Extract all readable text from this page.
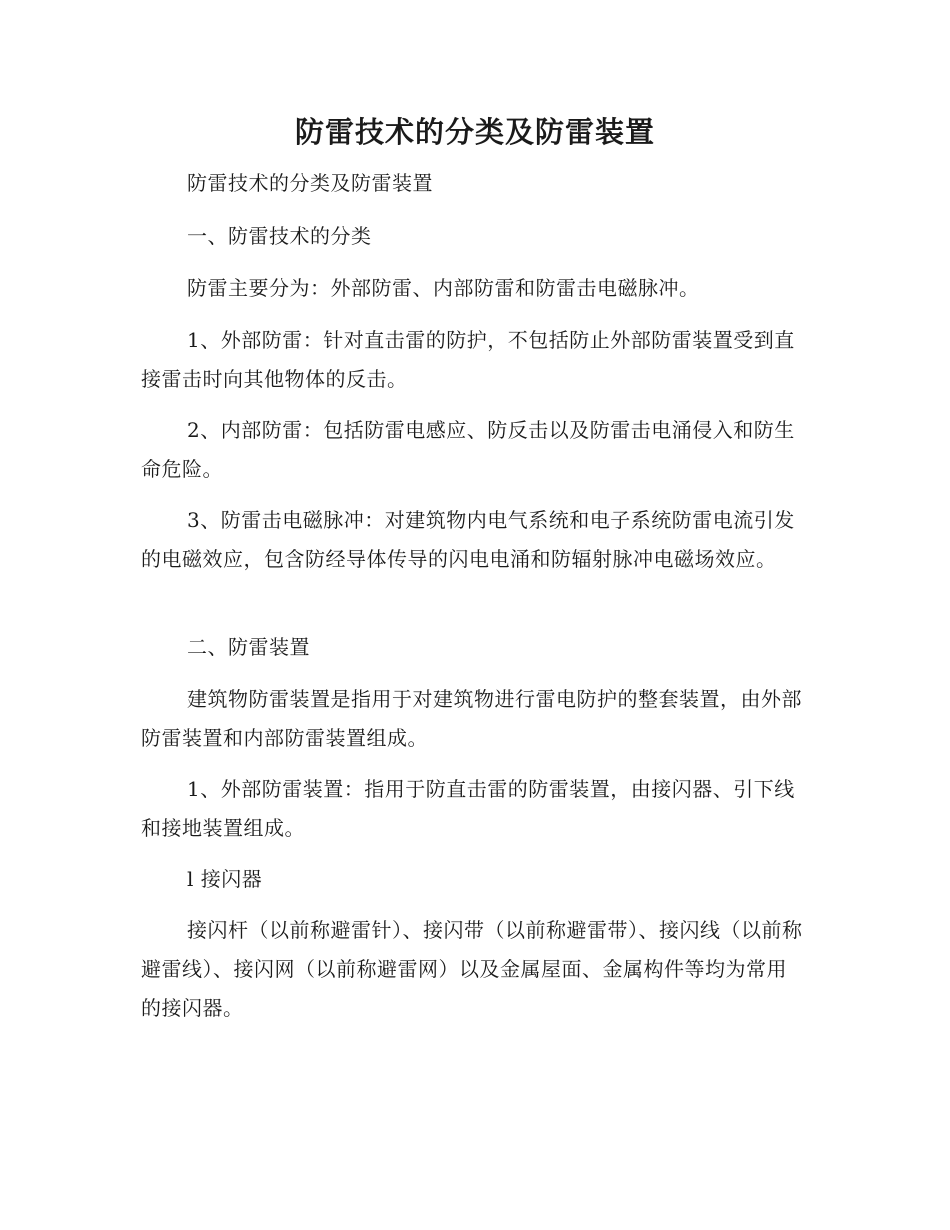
防雷技术的分类及防雷装置

防雷技术的分类及防雷装置

一、防雷技术的分类

防雷主要分为：外部防雷、内部防雷和防雷击电磁脉冲。

1、外部防雷：针对直击雷的防护，不包括防止外部防雷装置受到直接雷击时向其他物体的反击。

2、内部防雷：包括防雷电感应、防反击以及防雷击电涌侵入和防生命危险。

3、防雷击电磁脉冲：对建筑物内电气系统和电子系统防雷电流引发的电磁效应，包含防经导体传导的闪电电涌和防辐射脉冲电磁场效应。

二、防雷装置

建筑物防雷装置是指用于对建筑物进行雷电防护的整套装置，由外部防雷装置和内部防雷装置组成。

1、外部防雷装置：指用于防直击雷的防雷装置，由接闪器、引下线和接地装置组成。

l 接闪器

接闪杆（以前称避雷针）、接闪带（以前称避雷带）、接闪线（以前称避雷线）、接闪网（以前称避雷网）以及金属屋面、金属构件等均为常用的接闪器。
